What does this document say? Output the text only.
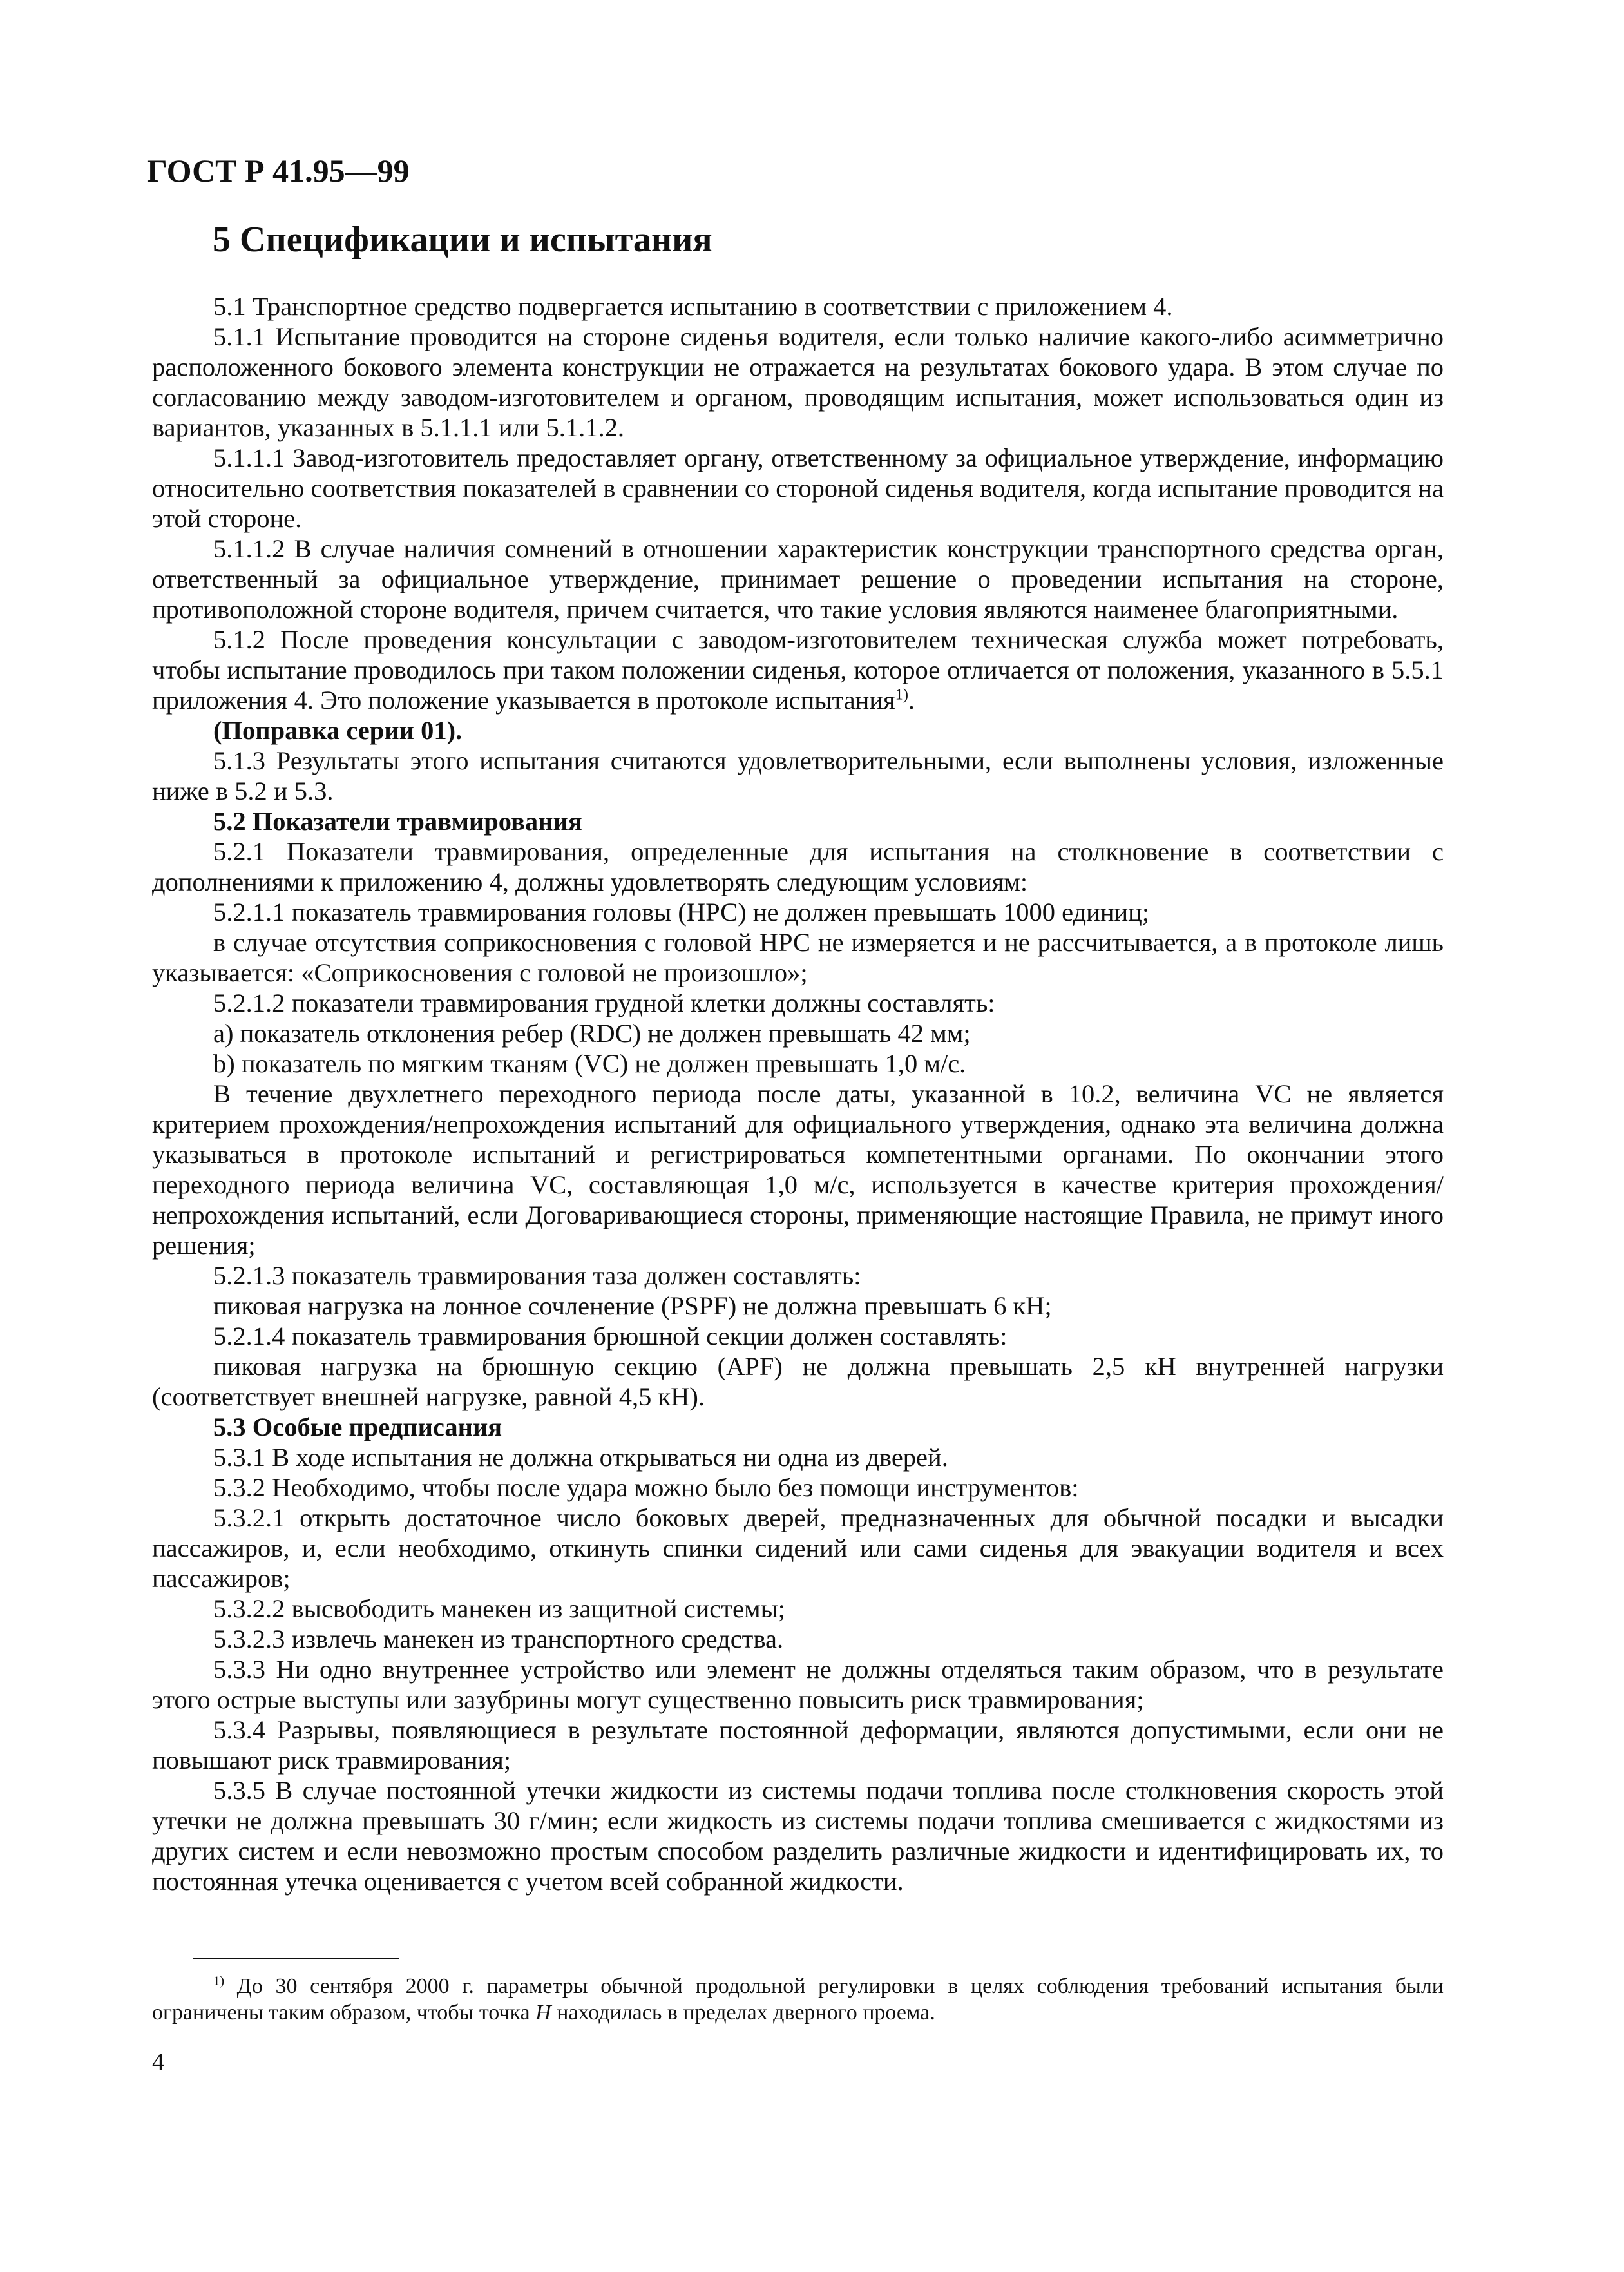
ГОСТ Р 41.95—99

5 Спецификации и испытания

5.1 Транспортное средство подвергается испытанию в соответствии с приложением 4.

5.1.1 Испытание проводится на стороне сиденья водителя, если только наличие какого-либо асимметрично расположенного бокового элемента конструкции не отражается на результатах бокового удара. В этом случае по согласованию между заводом-изготовителем и органом, проводящим испытания, может использоваться один из вариантов, указанных в 5.1.1.1 или 5.1.1.2.

5.1.1.1 Завод-изготовитель предоставляет органу, ответственному за официальное утверждение, информацию относительно соответствия показателей в сравнении со стороной сиденья водителя, когда испытание проводится на этой стороне.

5.1.1.2 В случае наличия сомнений в отношении характеристик конструкции транспортного средства орган, ответственный за официальное утверждение, принимает решение о проведении испытания на стороне, противоположной стороне водителя, причем считается, что такие условия являются наименее благоприятными.

5.1.2 После проведения консультации с заводом-изготовителем техническая служба может потребовать, чтобы испытание проводилось при таком положении сиденья, которое отличается от положения, указанного в 5.5.1 приложения 4. Это положение указывается в протоколе испытания$^{1)}$.

(Поправка серии 01).

5.1.3 Результаты этого испытания считаются удовлетворительными, если выполнены условия, изложенные ниже в 5.2 и 5.3.

5.2 Показатели травмирования

5.2.1 Показатели травмирования, определенные для испытания на столкновение в соответствии с дополнениями к приложению 4, должны удовлетворять следующим условиям:

5.2.1.1 показатель травмирования головы (НРС) не должен превышать 1000 единиц;

в случае отсутствия соприкосновения с головой НРС не измеряется и не рассчитывается, а в протоколе лишь указывается: «Соприкосновения с головой не произошло»;

5.2.1.2 показатели травмирования грудной клетки должны составлять:

a) показатель отклонения ребер (RDC) не должен превышать 42 мм;

b) показатель по мягким тканям (VC) не должен превышать 1,0 м/с.

В течение двухлетнего переходного периода после даты, указанной в 10.2, величина VC не является критерием прохождения/непрохождения испытаний для официального утверждения, однако эта величина должна указываться в протоколе испытаний и регистрироваться компетентными органами. По окончании этого переходного периода величина VC, составляющая 1,0 м/с, используется в качестве критерия прохождения/непрохождения испытаний, если Договаривающиеся стороны, применяющие настоящие Правила, не примут иного решения;

5.2.1.3 показатель травмирования таза должен составлять:

пиковая нагрузка на лонное сочленение (PSPF) не должна превышать 6 кН;

5.2.1.4 показатель травмирования брюшной секции должен составлять:

пиковая нагрузка на брюшную секцию (APF) не должна превышать 2,5 кН внутренней нагрузки (соответствует внешней нагрузке, равной 4,5 кН).

5.3 Особые предписания

5.3.1 В ходе испытания не должна открываться ни одна из дверей.

5.3.2 Необходимо, чтобы после удара можно было без помощи инструментов:

5.3.2.1 открыть достаточное число боковых дверей, предназначенных для обычной посадки и высадки пассажиров, и, если необходимо, откинуть спинки сидений или сами сиденья для эвакуации водителя и всех пассажиров;

5.3.2.2 высвободить манекен из защитной системы;

5.3.2.3 извлечь манекен из транспортного средства.

5.3.3 Ни одно внутреннее устройство или элемент не должны отделяться таким образом, что в результате этого острые выступы или зазубрины могут существенно повысить риск травмирования;

5.3.4 Разрывы, появляющиеся в результате постоянной деформации, являются допустимыми, если они не повышают риск травмирования;

5.3.5 В случае постоянной утечки жидкости из системы подачи топлива после столкновения скорость этой утечки не должна превышать 30 г/мин; если жидкость из системы подачи топлива смешивается с жидкостями из других систем и если невозможно простым способом разделить различные жидкости и идентифицировать их, то постоянная утечка оценивается с учетом всей собранной жидкости.

$^{1)}$ До 30 сентября 2000 г. параметры обычной продольной регулировки в целях соблюдения требований испытания были ограничены таким образом, чтобы точка Н находилась в пределах дверного проема.

4
